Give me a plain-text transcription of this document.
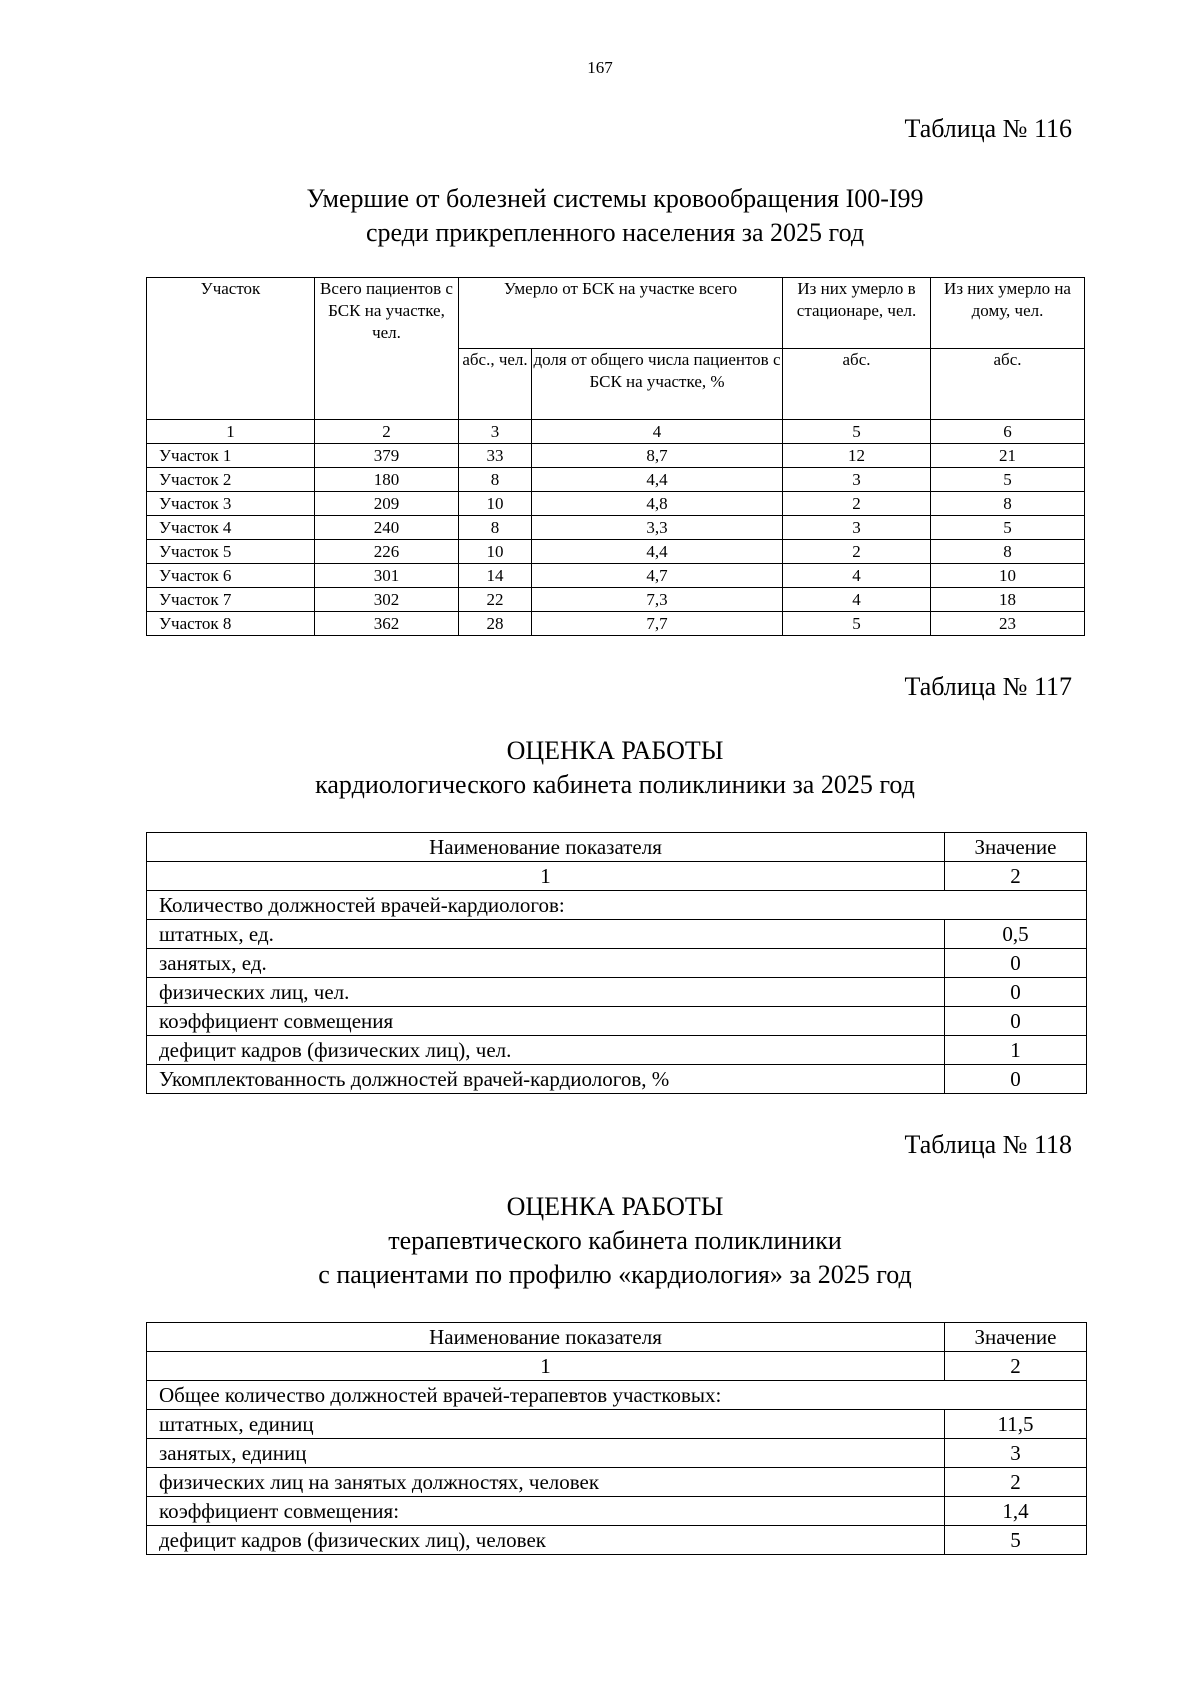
167
Таблица № 116
Умершие от болезней системы кровообращения I00-I99
среди прикрепленного населения за 2025 год
Участок	Всего пациентов с БСК на участке, чел.	Умерло от БСК на участке всего		Из них умерло в стационаре, чел.	Из них умерло на дому, чел.
		абс., чел.	доля от общего числа пациентов с БСК на участке, %	абс.	абс.
1	2	3	4	5	6
Участок 1	379	33	8,7	12	21
Участок 2	180	8	4,4	3	5
Участок 3	209	10	4,8	2	8
Участок 4	240	8	3,3	3	5
Участок 5	226	10	4,4	2	8
Участок 6	301	14	4,7	4	10
Участок 7	302	22	7,3	4	18
Участок 8	362	28	7,7	5	23
Таблица № 117
ОЦЕНКА РАБОТЫ
кардиологического кабинета поликлиники за 2025 год
Наименование показателя	Значение
1	2
Количество должностей врачей-кардиологов:	
штатных, ед.	0,5
занятых, ед.	0
физических лиц, чел.	0
коэффициент совмещения	0
дефицит кадров (физических лиц), чел.	1
Укомплектованность должностей врачей-кардиологов, %	0
Таблица № 118
ОЦЕНКА РАБОТЫ
терапевтического кабинета поликлиники
с пациентами по профилю «кардиология» за 2025 год
Наименование показателя	Значение
1	2
Общее количество должностей врачей-терапевтов участковых:	
штатных, единиц	11,5
занятых, единиц	3
физических лиц на занятых должностях, человек	2
коэффициент совмещения:	1,4
дефицит кадров (физических лиц), человек	5
